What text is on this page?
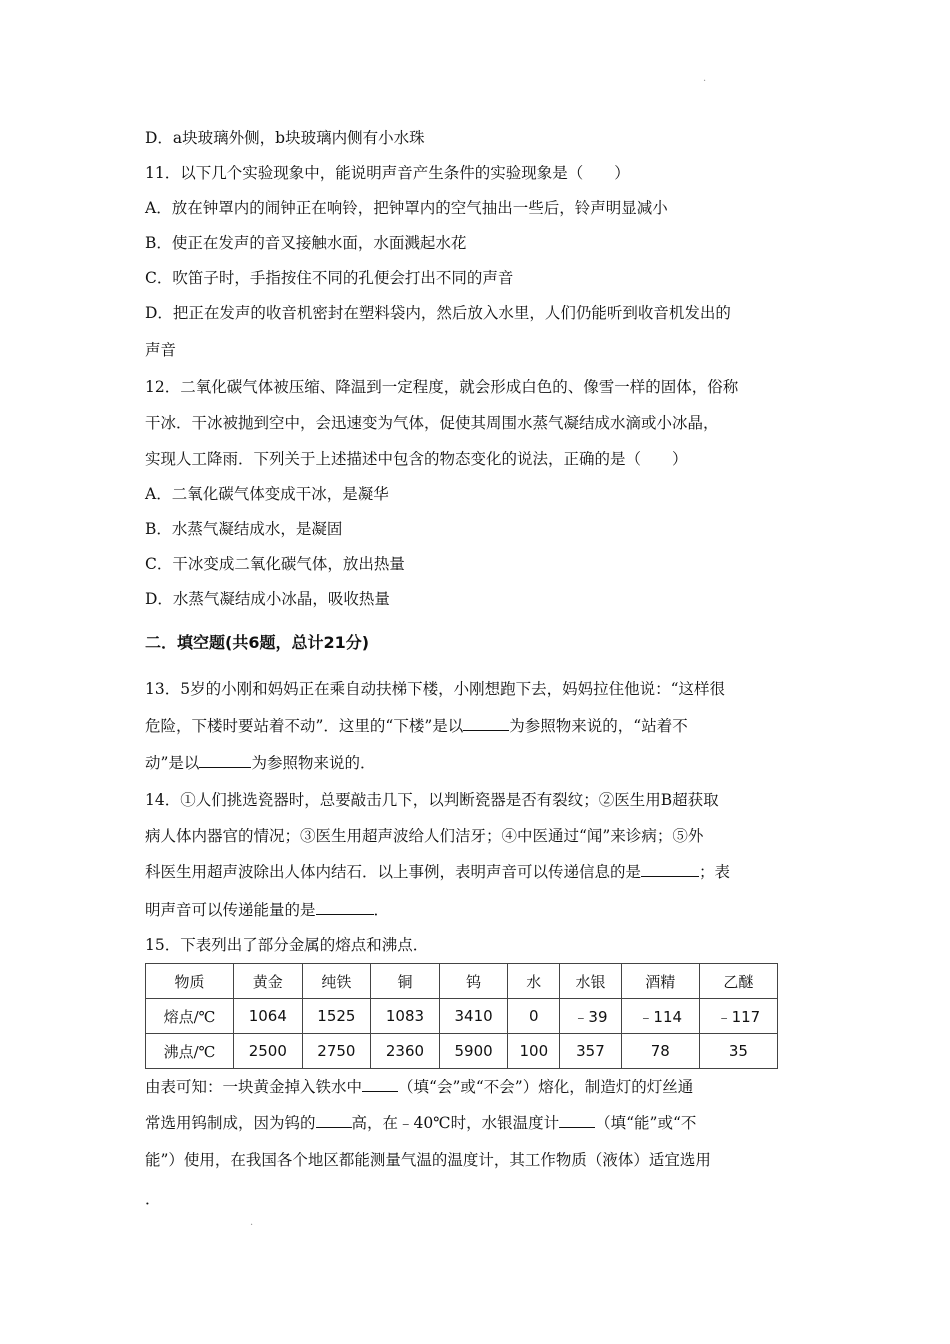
·
D．a块玻璃外侧，b块玻璃内侧有小水珠
11．以下几个实验现象中，能说明声音产生条件的实验现象是（　　）
A．放在钟罩内的闹钟正在响铃，把钟罩内的空气抽出一些后，铃声明显减小
B．使正在发声的音叉接触水面，水面溅起水花
C．吹笛子时，手指按住不同的孔便会打出不同的声音
D．把正在发声的收音机密封在塑料袋内，然后放入水里，人们仍能听到收音机发出的
声音
12．二氧化碳气体被压缩、降温到一定程度，就会形成白色的、像雪一样的固体，俗称
干冰．干冰被抛到空中，会迅速变为气体，促使其周围水蒸气凝结成水滴或小冰晶，
实现人工降雨．下列关于上述描述中包含的物态变化的说法，正确的是（　　）
A．二氧化碳气体变成干冰，是凝华
B．水蒸气凝结成水，是凝固
C．干冰变成二氧化碳气体，放出热量
D．水蒸气凝结成小冰晶，吸收热量
二．填空题(共6题，总计21分)
13．5岁的小刚和妈妈正在乘自动扶梯下楼，小刚想跑下去，妈妈拉住他说：“这样很
危险，下楼时要站着不动”．这里的“下楼”是以	为参照物来说的，“站着不
动”是以	为参照物来说的．
14．①人们挑选瓷器时，总要敲击几下，以判断瓷器是否有裂纹；②医生用B超获取
病人体内器官的情况；③医生用超声波给人们洁牙；④中医通过“闻”来诊病；⑤外
科医生用超声波除出人体内结石．以上事例，表明声音可以传递信息的是	；表
明声音可以传递能量的是	．
15．下表列出了部分金属的熔点和沸点．
物质	黄金	纯铁	铜	钨	水	水银	酒精	乙醚
熔点/℃	1064	1525	1083	3410	0	﹣39	﹣114	﹣117
沸点/℃	2500	2750	2360	5900	100	357	78	35
由表可知：一块黄金掉入铁水中 （填“会”或“不会”）熔化，制造灯的灯丝通
常选用钨制成，因为钨的 高，在﹣40℃时，水银温度计 （填“能”或“不
能”）使用，在我国各个地区都能测量气温的温度计，其工作物质（液体）适宜选用
．
·
